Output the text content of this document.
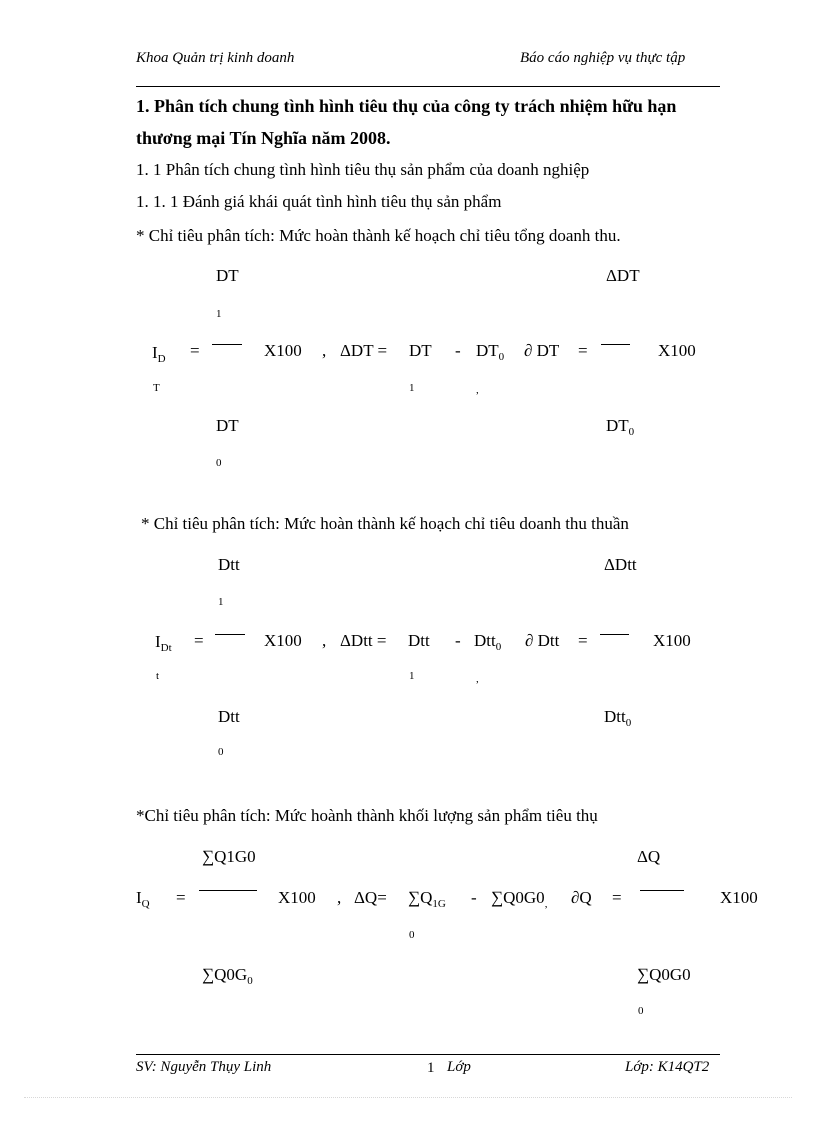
Khoa Quản trị kinh doanh	Báo cáo nghiệp vụ thực tập
1. Phân tích chung tình hình tiêu thụ của công ty trách nhiệm hữu hạn
thương mại Tín Nghĩa năm 2008.
1. 1 Phân tích chung tình hình tiêu thụ sản phẩm của doanh nghiệp
1. 1. 1 Đánh giá khái quát tình hình tiêu thụ sản phẩm
* Chỉ tiêu phân tích: Mức hoàn thành kế hoạch chỉ tiêu tổng doanh thu.
DT	ΔDT
1
$I_D$ =	X100 , ΔDT = DT - $DT_0$ ∂ DT =	X100
T	1	,
DT	$DT_0$
0
* Chỉ tiêu phân tích: Mức hoàn thành kế hoạch chỉ tiêu doanh thu thuần
Dtt	ΔDtt
1
$I_{Dt}$ =	X100 , ΔDtt = Dtt - Dtt$_0$ ∂ Dtt =	X100
t	1	,
Dtt	Dtt$_0$
0
*Chỉ tiêu phân tích: Mức hoành thành khối lượng sản phẩm tiêu thụ
∑Q1G0	ΔQ
$I_Q$ =	X100 , $\Delta Q= \sum Q_{1G} - \sum Q0G0_,$ ∂Q =	X100
0
$\sum Q0G_0$	∑Q0G0
0
SV: Nguyễn Thụy Linh	1 Lớp	Lớp: K14QT2
